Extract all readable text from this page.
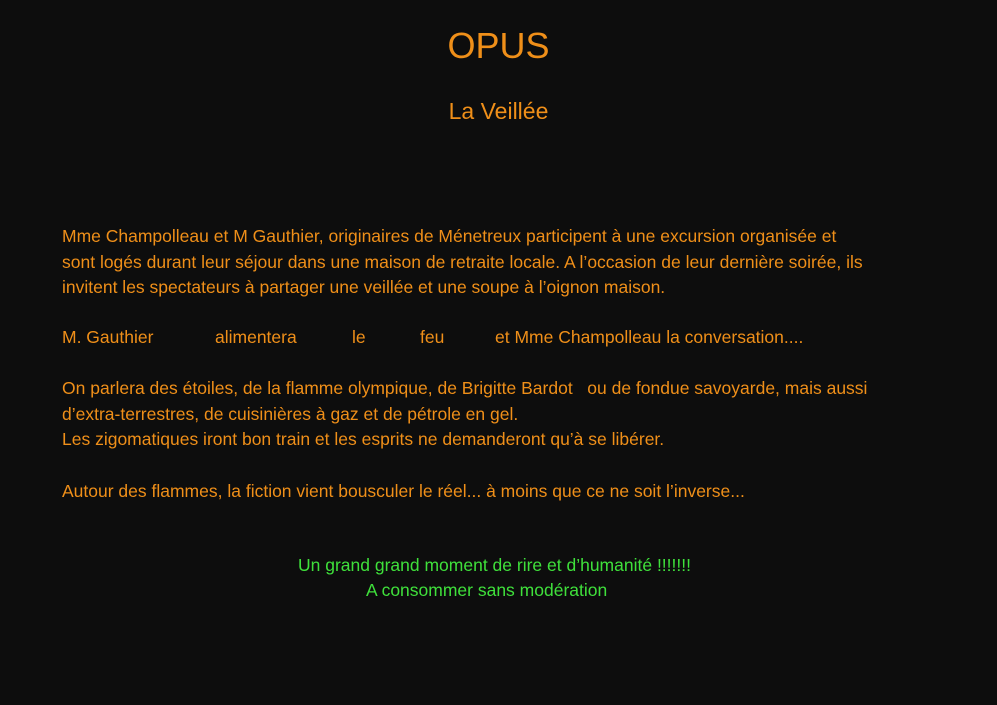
OPUS
La Veillée

Mme Champolleau et M Gauthier, originaires de Ménetreux participent à une excursion organisée et
sont logés durant leur séjour dans une maison de retraite locale. A l’occasion de leur dernière soirée, ils
invitent les spectateurs à partager une veillée et une soupe à l’oignon maison.

M. Gauthier	alimentera	le	feu	et Mme Champolleau la conversation....

On parlera des étoiles, de la flamme olympique, de Brigitte Bardot   ou de fondue savoyarde, mais aussi
d’extra-terrestres, de cuisinières à gaz et de pétrole en gel.
Les zigomatiques iront bon train et les esprits ne demanderont qu’à se libérer.

Autour des flammes, la fiction vient bousculer le réel... à moins que ce ne soit l’inverse...

Un grand grand moment de rire et d’humanité !!!!!!!

A consommer sans modération
